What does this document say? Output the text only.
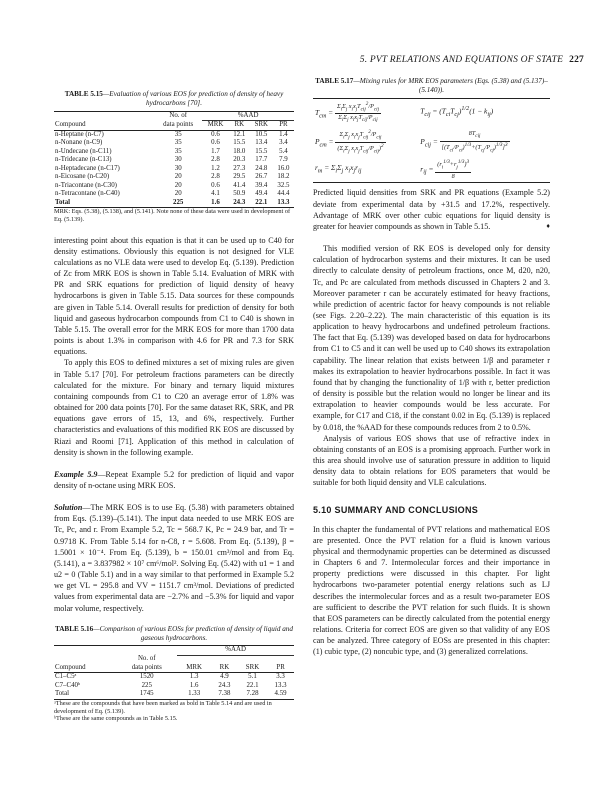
5. PVT RELATIONS AND EQUATIONS OF STATE 227
TABLE 5.15—Evaluation of various EOS for prediction of density of heavy hydrocarbons [70].
	No. of	%AAD			
Compound	data points	MRK	RK	SRK	PR
n-Heptane (n-C7)	35	0.6	12.1	10.5	1.4
n-Nonane (n-C9)	35	0.6	15.5	13.4	3.4
n-Undecane (n-C11)	35	1.7	18.0	15.5	5.4
n-Tridecane (n-C13)	30	2.8	20.3	17.7	7.9
n-Heptadecane (n-C17)	30	1.2	27.3	24.8	16.0
n-Eicosane (n-C20)	20	2.8	29.5	26.7	18.2
n-Triacontane (n-C30)	20	0.6	41.4	39.4	32.5
n-Tetracontane (n-C40)	20	4.1	50.9	49.4	44.4
Total	225	1.6	24.3	22.1	13.3
MRK: Eqs. (5.38), (5.138), and (5.141). Note none of these data were used in development of Eq. (5.139).

interesting point about this equation is that it can be used up to C40 for density estimations. Obviously this equation is not designed for VLE calculations as no VLE data were used to develop Eq. (5.139). Prediction of Zc from MRK EOS is shown in Table 5.14. Evaluation of MRK with PR and SRK equations for prediction of liquid density of heavy hydrocarbons is given in Table 5.15. Data sources for these compounds are given in Table 5.14. Overall results for prediction of density for both liquid and gaseous hydrocarbon compounds from C1 to C40 is shown in Table 5.15. The overall error for the MRK EOS for more than 1700 data points is about 1.3% in comparison with 4.6 for PR and 7.3 for SRK equations.

To apply this EOS to defined mixtures a set of mixing rules are given in Table 5.17 [70]. For petroleum fractions parameters can be directly calculated for the mixture. For binary and ternary liquid mixtures containing compounds from C1 to C20 an average error of 1.8% was obtained for 200 data points [70]. For the same dataset RK, SRK, and PR equations gave errors of 15, 13, and 6%, respectively. Further characteristics and evaluations of this modified RK EOS are discussed by Riazi and Roomi [71]. Application of this method in calculation of density is shown in the following example.

Example 5.9—Repeat Example 5.2 for prediction of liquid and vapor density of n-octane using MRK EOS.

Solution—The MRK EOS is to use Eq. (5.38) with parameters obtained from Eqs. (5.139)–(5.141). The input data needed to use MRK EOS are Tc, Pc, and r. From Example 5.2, Tc = 568.7 K, Pc = 24.9 bar, and Tr = 0.9718 K. From Table 5.14 for n-C8, r = 5.608. From Eq. (5.139), β = 1.5001 × 10⁻⁴. From Eq. (5.139), b = 150.01 cm³/mol and from Eq. (5.141), a = 3.837982 × 10⁷ cm⁶/mol². Solving Eq. (5.42) with u1 = 1 and u2 = 0 (Table 5.1) and in a way similar to that performed in Example 5.2 we get VL = 295.8 and VV = 1151.7 cm³/mol. Deviations of predicted values from experimental data are −2.7% and −5.3% for liquid and vapor molar volume, respectively.

TABLE 5.16—Comparison of various EOSs for prediction of density of liquid and gaseous hydrocarbons.
		%AAD			
	No. of				
Compound	data points	MRK	RK	SRK	PR
C1–C5ᵃ	1520	1.3	4.9	5.1	3.3
C7–C40ᵇ	225	1.6	24.3	22.1	13.3
Total	1745	1.33	7.38	7.28	4.59
ᵃThese are the compounds that have been marked as bold in Table 5.14 and are used in development of Eq. (5.139).
ᵇThese are the same compounds as in Table 5.15.
TABLE 5.17—Mixing rules for MRK EOS parameters (Eqs. (5.38) and (5.137)–(5.140)).
$T_{cm} = \frac{\Sigma_i\Sigma_j x_ix_jT_{cij}^2/P_{cij}}{\Sigma_i\Sigma_j x_ix_jT_{cij}/P_{cij}}$	$T_{cij} = (T_{ci}T_{cj})^{1/2}(1 - k_{ij})$
$P_{cm} = \frac{\Sigma_i\Sigma_j x_ix_jT_{cij}^2/P_{cij}}{(\Sigma_i\Sigma_j x_ix_jT_{cij}/P_{cij})^2}$	$P_{cij} = \frac{8T_{cij}}{[(T_{ci}/P_{ci})^{1/3}+(T_{cj}/P_{cj})^{1/3}]^3}$

$r_m = \Sigma_i\Sigma_j$ $x_ix_jr_{ij}$	$r_{ij} = \frac{(r_i^{1/3}+r_j^{1/3})^3}{8}$

Predicted liquid densities from SRK and PR equations (Example 5.2) deviate from experimental data by +31.5 and 17.2%, respectively. Advantage of MRK over other cubic equations for liquid density is greater for heavier compounds as shown in Table 5.15.	♦

This modified version of RK EOS is developed only for density calculation of hydrocarbon systems and their mixtures. It can be used directly to calculate density of petroleum fractions, once M, d20, n20, Tc, and Pc are calculated from methods discussed in Chapters 2 and 3. Moreover parameter r can be accurately estimated for heavy fractions, while prediction of acentric factor for heavy compounds is not reliable (see Figs. 2.20–2.22). The main characteristic of this equation is its application to heavy hydrocarbons and undefined petroleum fractions. The fact that Eq. (5.139) was developed based on data for hydrocarbons from C1 to C5 and it can well be used up to C40 shows its extrapolation capability. The linear relation that exists between 1/β and parameter r makes its extrapolation to heavier hydrocarbons possible. In fact it was found that by changing the functionality of 1/β with r, better prediction of density is possible but the relation would no longer be linear and its extrapolation to heavier compounds would be less accurate. For example, for C17 and C18, if the constant 0.02 in Eq. (5.139) is replaced by 0.018, the %AAD for these compounds reduces from 2 to 0.5%.

Analysis of various EOS shows that use of refractive index in obtaining constants of an EOS is a promising approach. Further work in this area should involve use of saturation pressure in addition to liquid density data to obtain relations for EOS parameters that would be suitable for both liquid density and VLE calculations.

5.10 SUMMARY AND CONCLUSIONS

In this chapter the fundamental of PVT relations and mathematical EOS are presented. Once the PVT relation for a fluid is known various physical and thermodynamic properties can be determined as discussed in Chapters 6 and 7. Intermolecular forces and their importance in property predictions were discussed in this chapter. For light hydrocarbons two-parameter potential energy relations such as LJ describes the intermolecular forces and as a result two-parameter EOS are sufficient to describe the PVT relation for such fluids. It is shown that EOS parameters can be directly calculated from the potential energy relations. Criteria for correct EOS are given so that validity of any EOS can be analyzed. Three category of EOSs are presented in this chapter: (1) cubic type, (2) noncubic type, and (3) generalized correlations.
